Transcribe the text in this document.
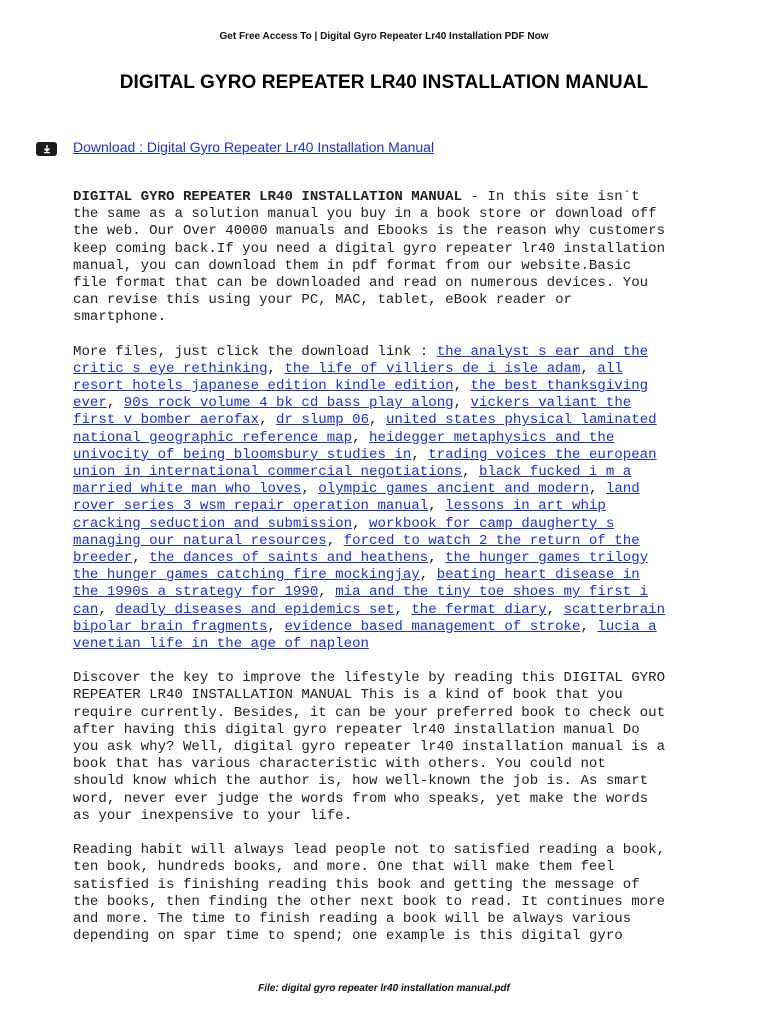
Get Free Access To | Digital Gyro Repeater Lr40 Installation PDF Now
DIGITAL GYRO REPEATER LR40 INSTALLATION MANUAL
Download : Digital Gyro Repeater Lr40 Installation Manual
DIGITAL GYRO REPEATER LR40 INSTALLATION MANUAL - In this site isn`t
the same as a solution manual you buy in a book store or download off
the web. Our Over 40000 manuals and Ebooks is the reason why customers
keep coming back.If you need a digital gyro repeater lr40 installation
manual, you can download them in pdf format from our website.Basic
file format that can be downloaded and read on numerous devices. You
can revise this using your PC, MAC, tablet, eBook reader or
smartphone.
More files, just click the download link : the analyst s ear and the
critic s eye rethinking, the life of villiers de i isle adam, all
resort hotels japanese edition kindle edition, the best thanksgiving
ever, 90s rock volume 4 bk cd bass play along, vickers valiant the
first v bomber aerofax, dr slump 06, united states physical laminated
national geographic reference map, heidegger metaphysics and the
univocity of being bloomsbury studies in, trading voices the european
union in international commercial negotiations, black fucked i m a
married white man who loves, olympic games ancient and modern, land
rover series 3 wsm repair operation manual, lessons in art whip
cracking seduction and submission, workbook for camp daugherty s
managing our natural resources, forced to watch 2 the return of the
breeder, the dances of saints and heathens, the hunger games trilogy
the hunger games catching fire mockingjay, beating heart disease in
the 1990s a strategy for 1990, mia and the tiny toe shoes my first i
can, deadly diseases and epidemics set, the fermat diary, scatterbrain
bipolar brain fragments, evidence based management of stroke, lucia a
venetian life in the age of napleon
Discover the key to improve the lifestyle by reading this DIGITAL GYRO
REPEATER LR40 INSTALLATION MANUAL This is a kind of book that you
require currently. Besides, it can be your preferred book to check out
after having this digital gyro repeater lr40 installation manual Do
you ask why? Well, digital gyro repeater lr40 installation manual is a
book that has various characteristic with others. You could not
should know which the author is, how well-known the job is. As smart
word, never ever judge the words from who speaks, yet make the words
as your inexpensive to your life.
Reading habit will always lead people not to satisfied reading a book,
ten book, hundreds books, and more. One that will make them feel
satisfied is finishing reading this book and getting the message of
the books, then finding the other next book to read. It continues more
and more. The time to finish reading a book will be always various
depending on spar time to spend; one example is this digital gyro
File: digital gyro repeater lr40 installation manual.pdf
